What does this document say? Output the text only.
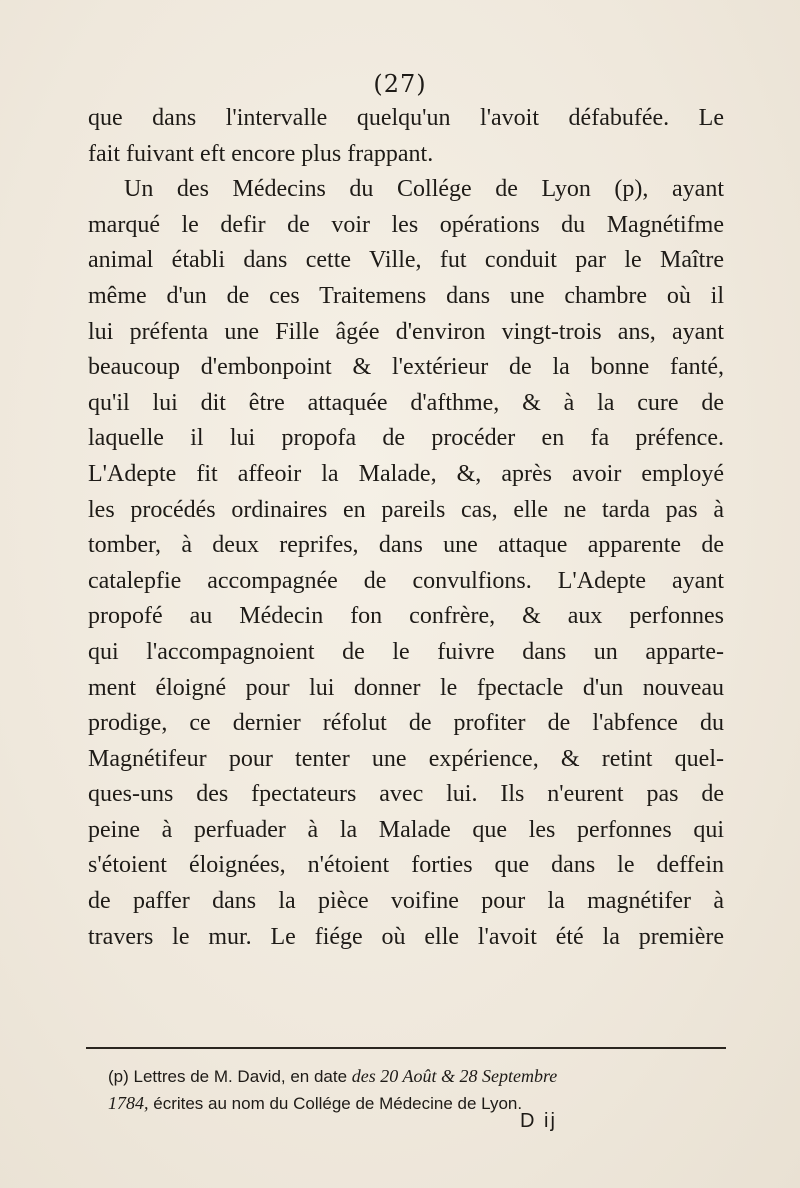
(27)
que dans l'intervalle quelqu'un l'avoit défabufée. Le
fait fuivant eft encore plus frappant.
Un des Médecins du Collége de Lyon (p), ayant
marqué le defir de voir les opérations du Magnétifme
animal établi dans cette Ville, fut conduit par le Maître
même d'un de ces Traitemens dans une chambre où il
lui préfenta une Fille âgée d'environ vingt-trois ans, ayant
beaucoup d'embonpoint & l'extérieur de la bonne fanté,
qu'il lui dit être attaquée d'afthme, & à la cure de
laquelle il lui propofa de procéder en fa préfence.
L'Adepte fit affeoir la Malade, &, après avoir employé
les procédés ordinaires en pareils cas, elle ne tarda pas à
tomber, à deux reprifes, dans une attaque apparente de
catalepfie accompagnée de convulfions. L'Adepte ayant
propofé au Médecin fon confrère, & aux perfonnes
qui l'accompagnoient de le fuivre dans un apparte-
ment éloigné pour lui donner le fpectacle d'un nouveau
prodige, ce dernier réfolut de profiter de l'abfence du
Magnétifeur pour tenter une expérience, & retint quel-
ques-uns des fpectateurs avec lui. Ils n'eurent pas de
peine à perfuader à la Malade que les perfonnes qui
s'étoient éloignées, n'étoient forties que dans le deffein
de paffer dans la pièce voifine pour la magnétifer à
travers le mur. Le fiége où elle l'avoit été la première
(p) Lettres de M. David, en date des 20 Août & 28 Septembre
1784, écrites au nom du Collége de Médecine de Lyon.
D ij
